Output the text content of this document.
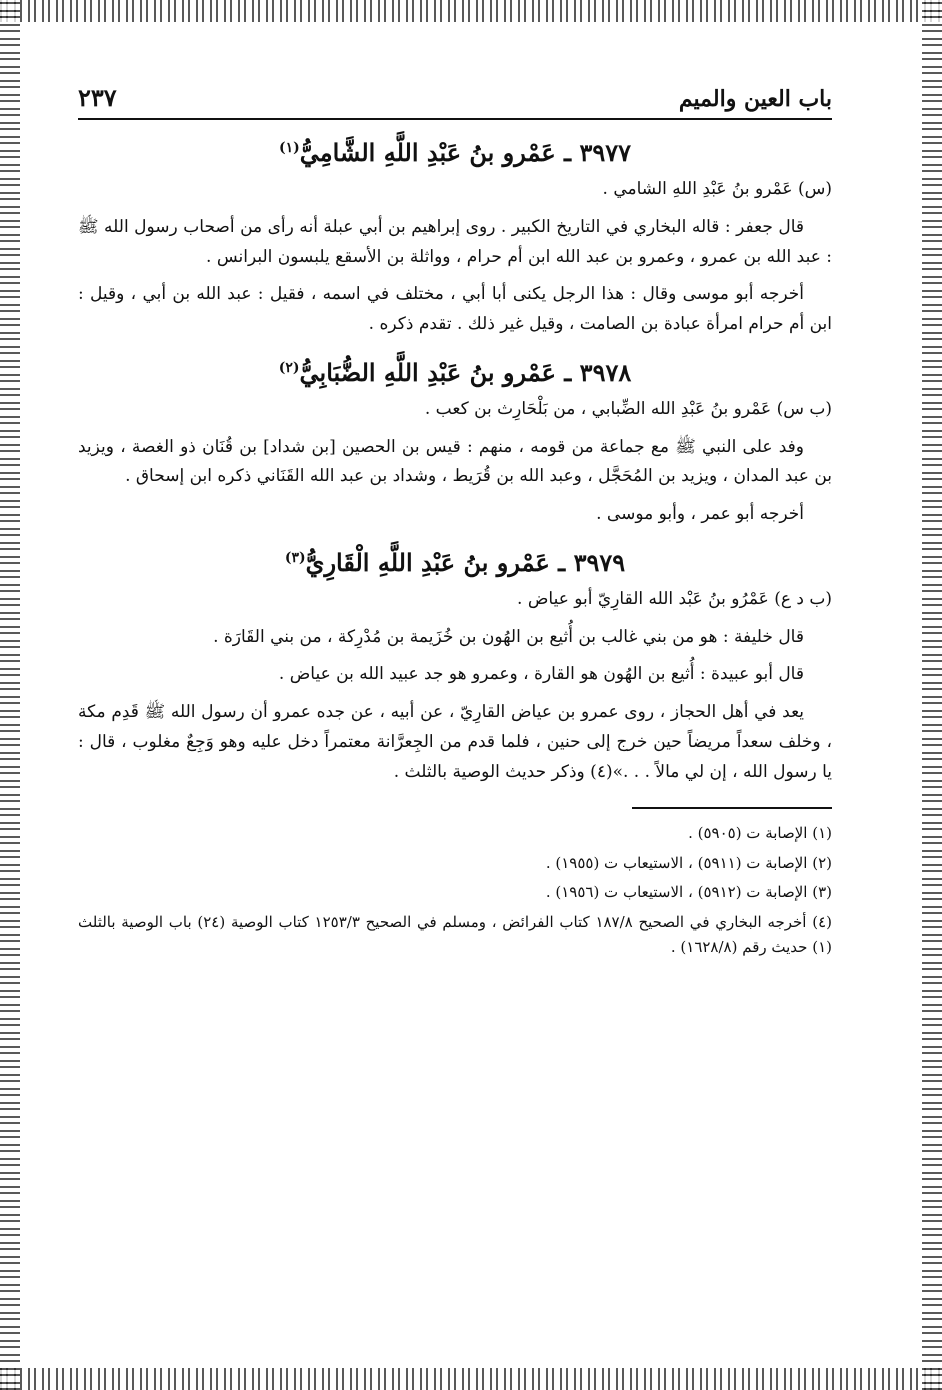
باب العين والميم
٢٣٧
٣٩٧٧ ـ عَمْرو بنُ عَبْدِ اللَّهِ الشَّامِيُّ$^{(١)}$

(س) عَمْرو بنُ عَبْدِ اللهِ الشامي .

قال جعفر : قاله البخاري في التاريخ الكبير . روى إبراهيم بن أبي عبلة أنه رأى من أصحاب رسول الله ﷺ : عبد الله بن عمرو ، وعمرو بن عبد الله ابن أم حرام ، وواثلة بن الأسقع يلبسون البرانس .

أخرجه أبو موسى وقال : هذا الرجل يكنى أبا أبي ، مختلف في اسمه ، فقيل : عبد الله بن أبي ، وقيل : ابن أم حرام امرأة عبادة بن الصامت ، وقيل غير ذلك . تقدم ذكره .

٣٩٧٨ ـ عَمْرو بنُ عَبْدِ اللَّهِ الضُّبَابِيُّ$^{(٢)}$

(ب س) عَمْرو بنُ عَبْدِ الله الضِّبابي ، من بَلْحَارِث بن كعب .

وفد على النبي ﷺ مع جماعة من قومه ، منهم : قيس بن الحصين [بن شداد] بن قُنَان ذو الغصة ، ويزيد بن عبد المدان ، ويزيد بن المُحَجَّل ، وعبد الله بن قُرَيط ، وشداد بن عبد الله القَنَاني ذكره ابن إسحاق .

أخرجه أبو عمر ، وأبو موسى .

٣٩٧٩ ـ عَمْرو بنُ عَبْدِ اللَّهِ الْقَارِيُّ$^{(٣)}$

(ب د ع) عَمْرُو بنُ عَبْد الله القارِيّ أبو عياض .

قال خليفة : هو من بني غالب بن أُثيع بن الهُون بن خُزَيمة بن مُدْرِكة ، من بني القَارَة .

قال أبو عبيدة : أُثيع بن الهُون هو القارة ، وعمرو هو جد عبيد الله بن عياض .

يعد في أهل الحجاز ، روى عمرو بن عياض القارِيّ ، عن أبيه ، عن جده عمرو أن رسول الله ﷺ قَدِم مكة ، وخلف سعداً مريضاً حين خرج إلى حنين ، فلما قدم من الجِعرَّانة معتمراً دخل عليه وهو وَجِعٌ مغلوب ، قال : يا رسول الله ، إن لي مالاً . . .»(٤) وذكر حديث الوصية بالثلث .

(١) الإصابة ت (٥٩٠٥) .

(٢) الإصابة ت (٥٩١١) ، الاستيعاب ت (١٩٥٥) .

(٣) الإصابة ت (٥٩١٢) ، الاستيعاب ت (١٩٥٦) .

(٤) أخرجه البخاري في الصحيح ١٨٧/٨ كتاب الفرائض ، ومسلم في الصحيح ١٢٥٣/٣ كتاب الوصية (٢٤) باب الوصية بالثلث (١) حديث رقم (١٦٢٨/٨) .
